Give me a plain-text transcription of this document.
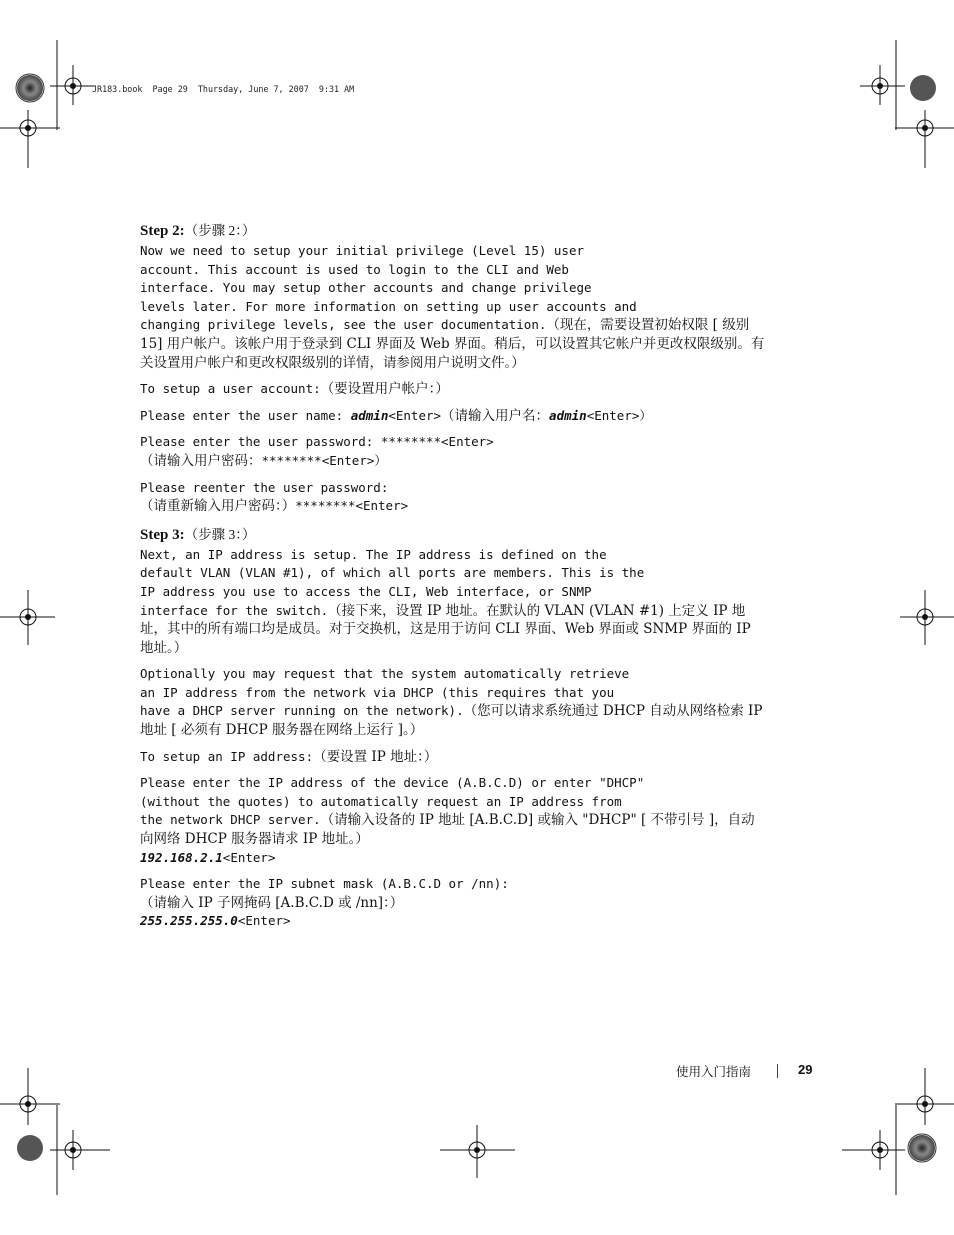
JR183.book  Page 29  Thursday, June 7, 2007  9:31 AM

Step 2:（步骤 2：）

Now we need to setup your initial privilege (Level 15) user
account. This account is used to login to the CLI and Web
interface. You may setup other accounts and change privilege
levels later. For more information on setting up user accounts and
changing privilege levels, see the user documentation.（现在，需要设置初始权限 [ 级别 15] 用户帐户。该帐户用于登录到 CLI 界面及 Web 界面。稍后，可以设置其它帐户并更改权限级别。有关设置用户帐户和更改权限级别的详情，请参阅用户说明文件。）

To setup a user account:（要设置用户帐户：）

Please enter the user name: admin<Enter>（请输入用户名：admin<Enter>）

Please enter the user password: ********<Enter>
（请输入用户密码：********<Enter>）

Please reenter the user password:
（请重新输入用户密码：）********<Enter>

Step 3:（步骤 3：）

Next, an IP address is setup. The IP address is defined on the
default VLAN (VLAN #1), of which all ports are members. This is the
IP address you use to access the CLI, Web interface, or SNMP
interface for the switch.（接下来，设置 IP 地址。在默认的 VLAN (VLAN #1) 上定义 IP 地址，其中的所有端口均是成员。对于交换机，这是用于访问 CLI 界面、Web 界面或 SNMP 界面的 IP 地址。）

Optionally you may request that the system automatically retrieve
an IP address from the network via DHCP (this requires that you
have a DHCP server running on the network).（您可以请求系统通过 DHCP 自动从网络检索 IP 地址 [ 必须有 DHCP 服务器在网络上运行 ]。）

To setup an IP address:（要设置 IP 地址：）

Please enter the IP address of the device (A.B.C.D) or enter "DHCP"
(without the quotes) to automatically request an IP address from
the network DHCP server.（请输入设备的 IP 地址 [A.B.C.D] 或输入 "DHCP" [ 不带引号 ]，自动向网络 DHCP 服务器请求 IP 地址。）
192.168.2.1<Enter>

Please enter the IP subnet mask (A.B.C.D or /nn):
（请输入 IP 子网掩码 [A.B.C.D 或 /nn]：）
255.255.255.0<Enter>

使用入门指南	29
